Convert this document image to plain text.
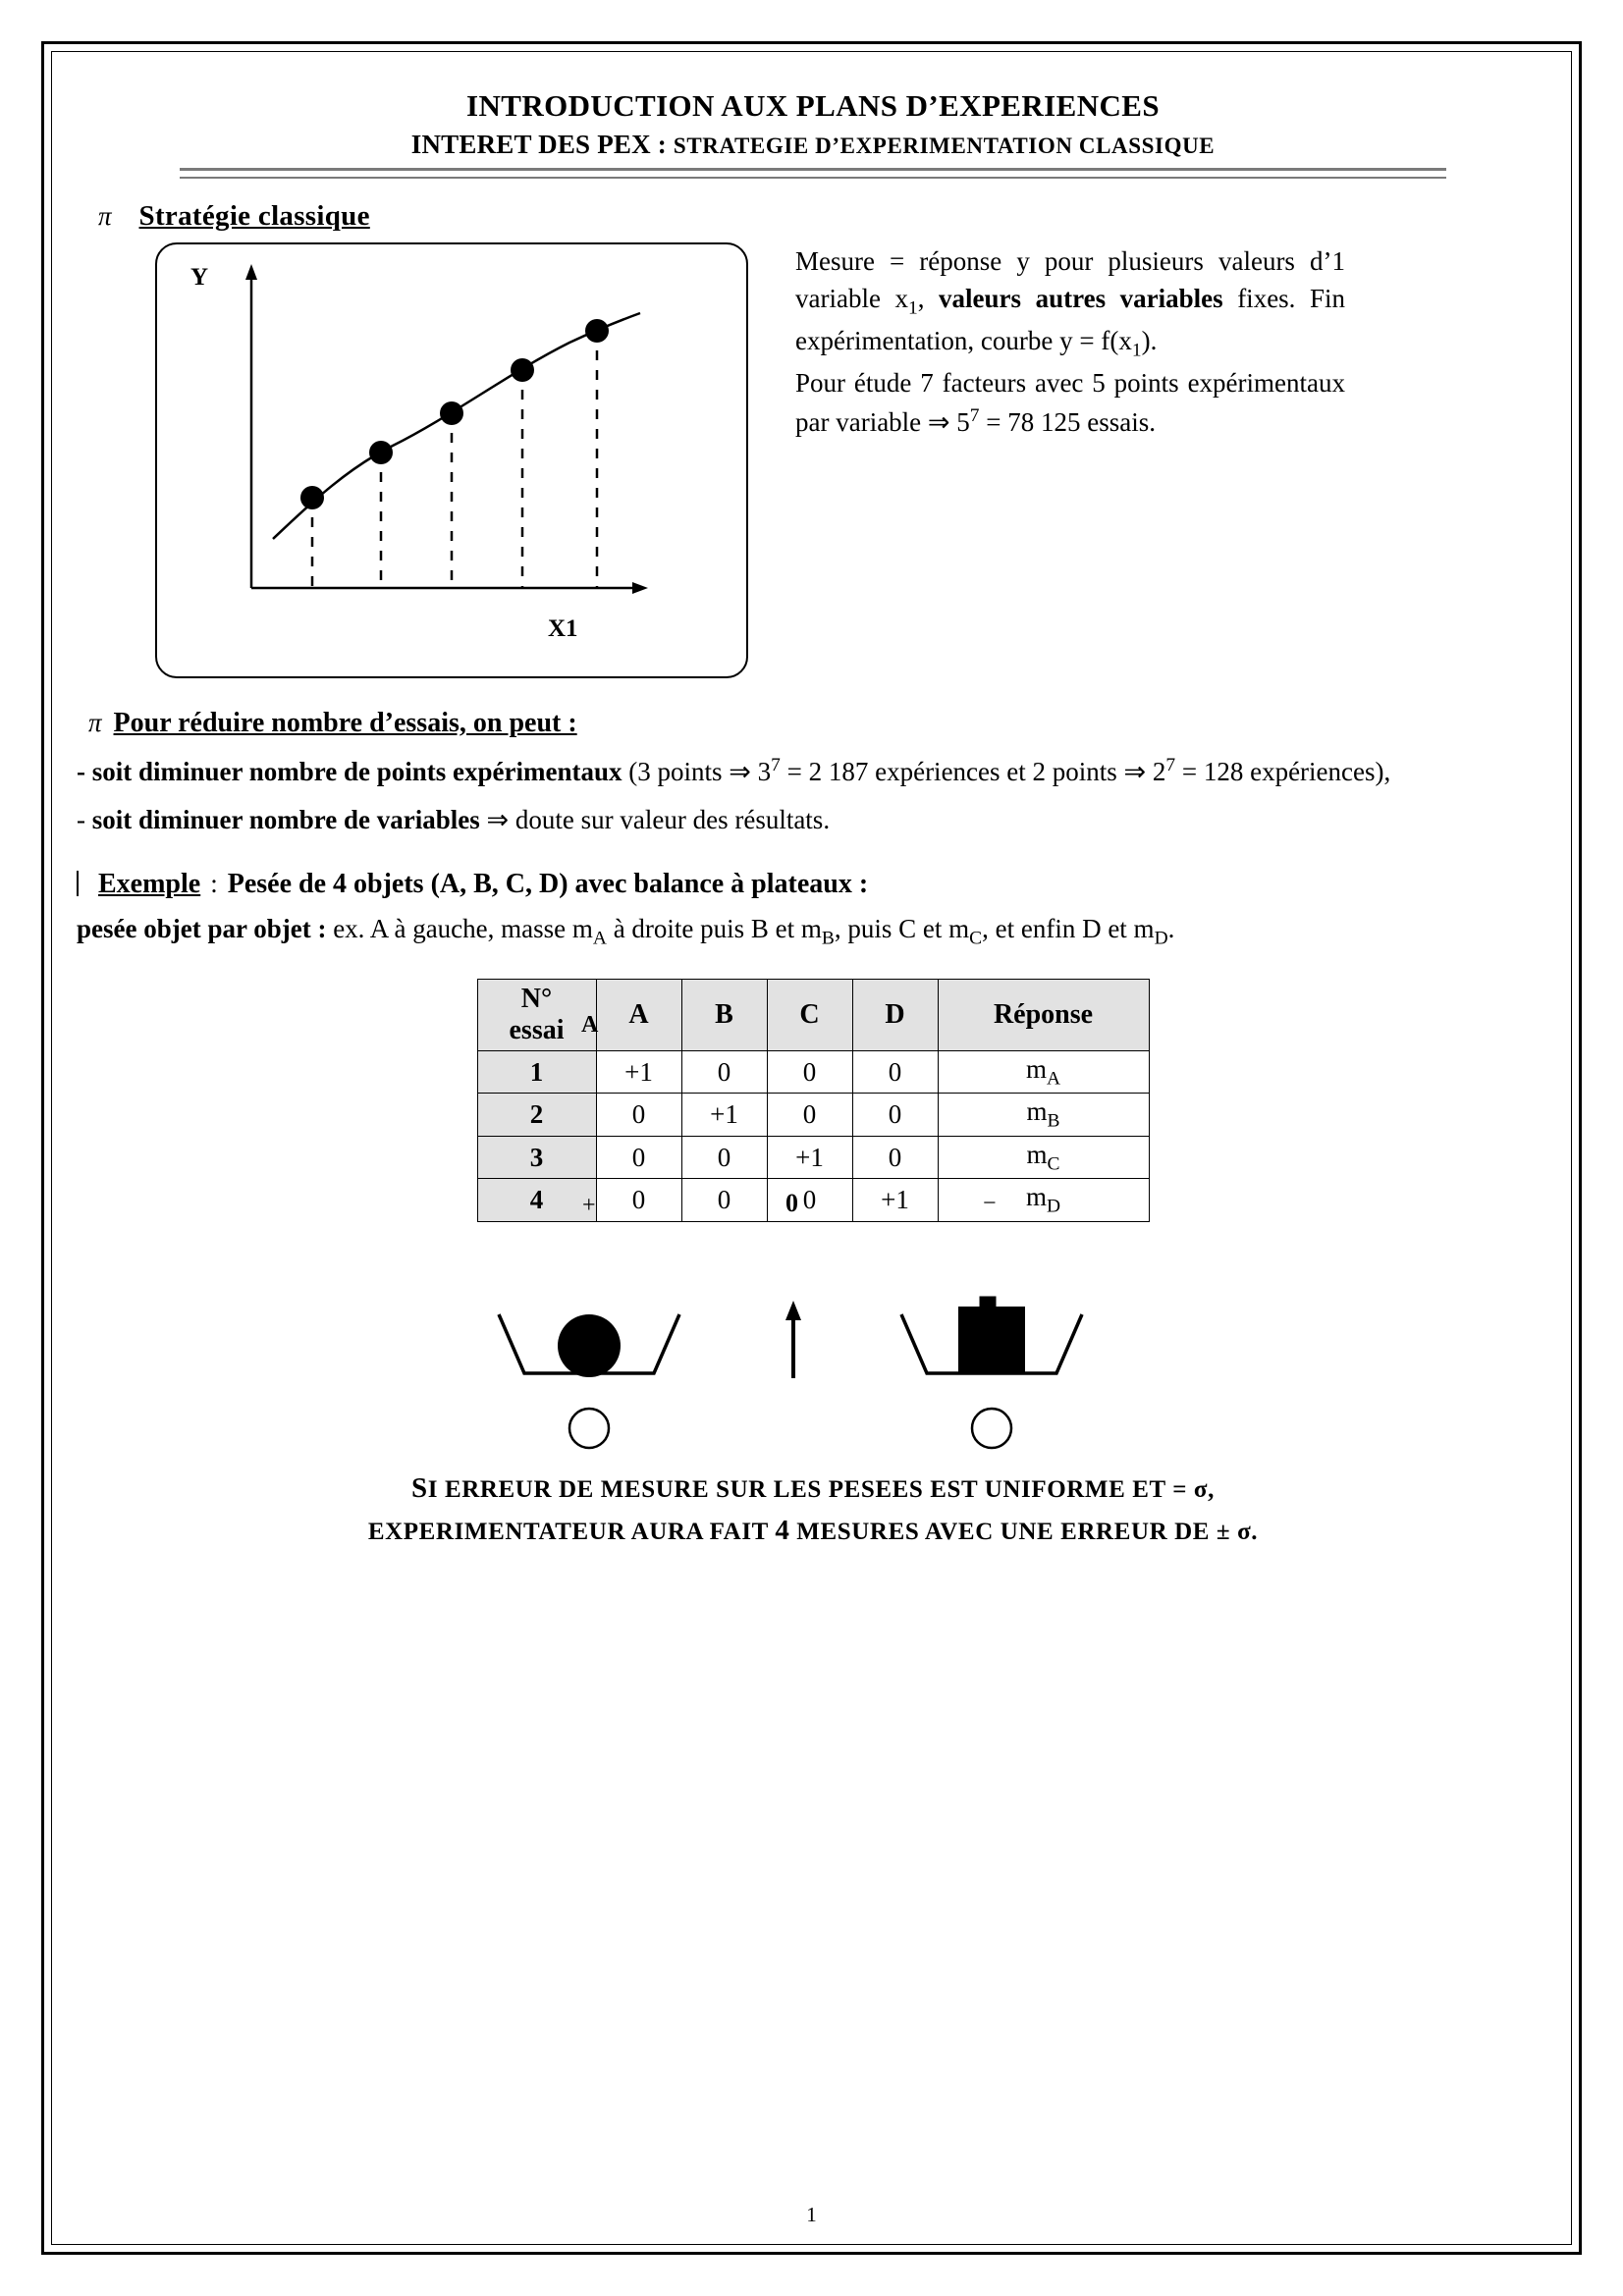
INTRODUCTION AUX PLANS D’EXPERIENCES
INTERET DES PEX : STRATEGIE D’EXPERIMENTATION CLASSIQUE
π Stratégie classique
Y
X1
Mesure = réponse y pour plusieurs valeurs d’1 variable $x_1$, valeurs autres variables fixes. Fin expérimentation, courbe $y = f(x_1)$.
Pour étude 7 facteurs avec 5 points expérimentaux par variable ⇒ $5^7 = 78$ 125 essais.
π Pour réduire nombre d’essais, on peut :
- soit diminuer nombre de points expérimentaux (3 points ⇒ $3^7 = 2$ 187 expériences et 2 points ⇒ $2^7 = 128$ expériences),
- soit diminuer nombre de variables ⇒ doute sur valeur des résultats.
Exemple : Pesée de 4 objets (A, B, C, D) avec balance à plateaux :
pesée objet par objet : ex. A à gauche, masse $m_A$ à droite puis B et $m_B$, puis C et $m_C$, et enfin D et $m_D$.
N°
essai	A	B	C	D	Réponse
1	+1	0	0	0	$m_A$
2	0	+1	0	0	$m_B$
3	0	0	+1	0	$m_C$
4	0	0	0	+1	$m_D$
A
+	0	−
SI ERREUR DE MESURE SUR LES PESEES EST UNIFORME ET = σ,
EXPERIMENTATEUR AURA FAIT 4 MESURES AVEC UNE ERREUR DE ± σ.
1
